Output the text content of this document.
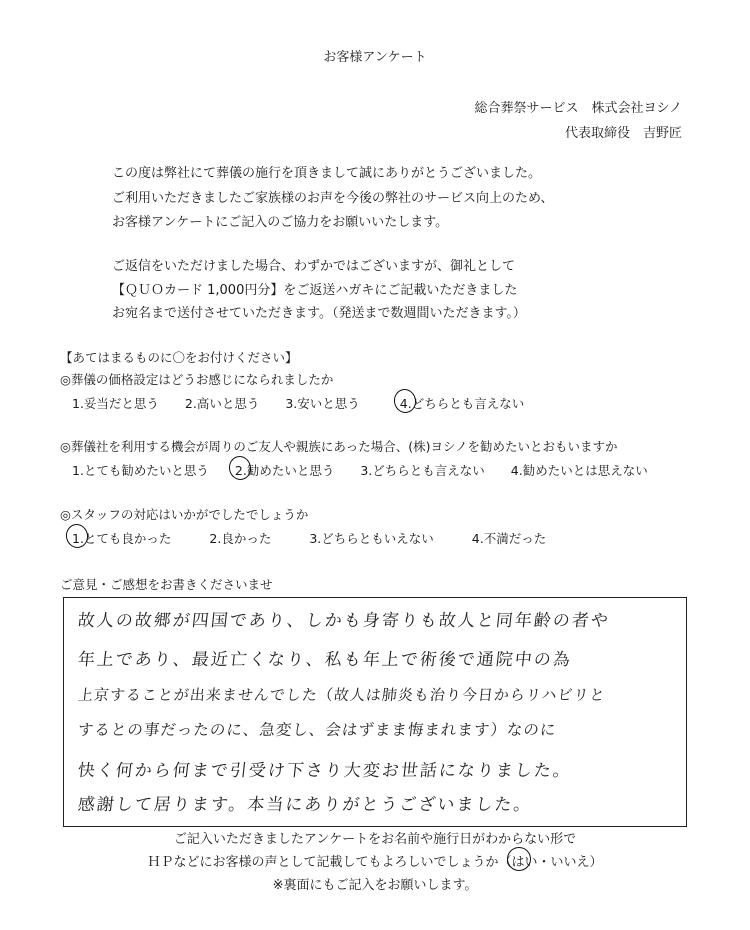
お客様アンケート
総合葬祭サービス　株式会社ヨシノ
代表取締役　吉野匠
この度は弊社にて葬儀の施行を頂きまして誠にありがとうございました。
ご利用いただきましたご家族様のお声を今後の弊社のサービス向上のため、
お客様アンケートにご記入のご協力をお願いいたします。
ご返信をいただけました場合、わずかではございますが、御礼として
【ＱＵＯカード 1,000円分】をご返送ハガキにご記載いただきました
お宛名まで送付させていただきます。（発送まで数週間いただきます。）
【あてはまるものに〇をお付けください】
◎葬儀の価格設定はどうお感じになられましたか
1.妥当だと思う 2.高いと思う 3.安いと思う	4.どちらとも言えない
◎葬儀社を利用する機会が周りのご友人や親族にあった場合、(株)ヨシノを勧めたいとおもいますか
1.とても勧めたいと思う 2.勧めたいと思う 3.どちらとも言えない 4.勧めたいとは思えない
◎スタッフの対応はいかがでしたでしょうか
1.とても良かった	2.良かった	3.どちらともいえない	4.不満だった
ご意見・ご感想をお書きくださいませ
故人の故郷が四国であり、しかも身寄りも故人と同年齢の者や
年上であり、最近亡くなり、私も年上で術後で通院中の為
上京することが出来ませんでした（故人は肺炎も治り今日からリハビリと
するとの事だったのに、急変し、会はずまま悔まれます）なのに
快く何から何まで引受け下さり大変お世話になりました。
感謝して居ります。本当にありがとうございました。
ご記入いただきましたアンケートをお名前や施行日がわからない形で
ＨＰなどにお客様の声として記載してもよろしいでしょうか（はい・いいえ）
※裏面にもご記入をお願いします。
